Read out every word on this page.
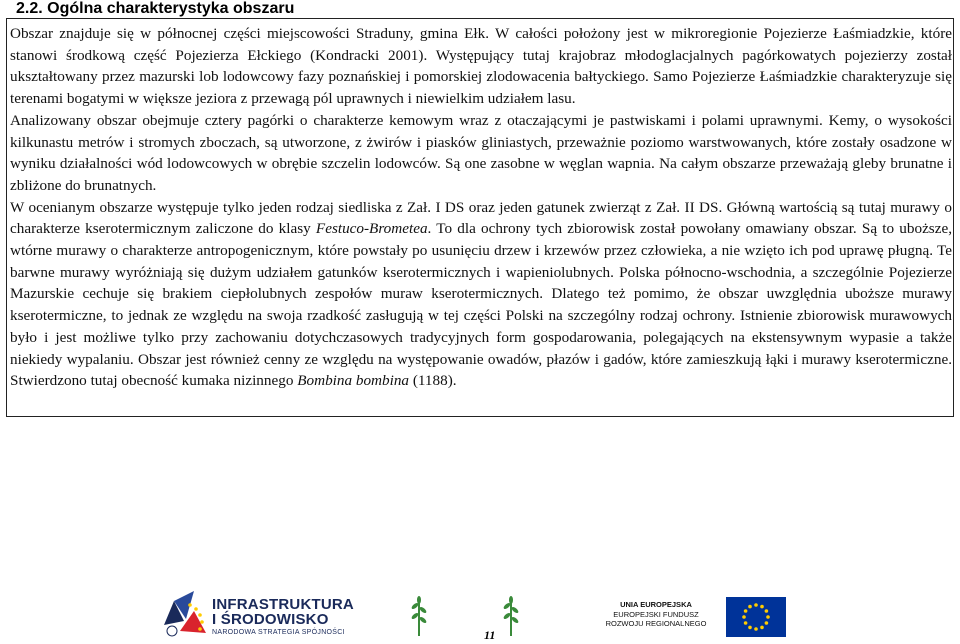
2.2. Ogólna charakterystyka obszaru

Obszar znajduje się w północnej części miejscowości Straduny, gmina Ełk. W całości położony jest w mikroregionie Pojezierze Łaśmiadzkie, które stanowi środkową część Pojezierza Ełckiego (Kondracki 2001). Występujący tutaj krajobraz młodoglacjalnych pagórkowatych pojezierzy został ukształtowany przez mazurski lob lodowcowy fazy poznańskiej i pomorskiej zlodowacenia bałtyckiego. Samo Pojezierze Łaśmiadzkie charakteryzuje się terenami bogatymi w większe jeziora z przewagą pól uprawnych i niewielkim udziałem lasu.

Analizowany obszar obejmuje cztery pagórki o charakterze kemowym wraz z otaczającymi je pastwiskami i polami uprawnymi. Kemy, o wysokości kilkunastu metrów i stromych zboczach, są utworzone, z żwirów i piasków gliniastych, przeważnie poziomo warstwowanych, które zostały osadzone w wyniku działalności wód lodowcowych w obrębie szczelin lodowców. Są one zasobne w węglan wapnia. Na całym obszarze przeważają gleby brunatne i zbliżone do brunatnych.

W ocenianym obszarze występuje tylko jeden rodzaj siedliska z Zał. I DS oraz jeden gatunek zwierząt z Zał. II DS. Główną wartością są tutaj murawy o charakterze kserotermicznym zaliczone do klasy Festuco-Brometea. To dla ochrony tych zbiorowisk został powołany omawiany obszar. Są to uboższe, wtórne murawy o charakterze antropogenicznym, które powstały po usunięciu drzew i krzewów przez człowieka, a nie wzięto ich pod uprawę pługną. Te barwne murawy wyróżniają się dużym udziałem gatunków kserotermicznych i wapieniolubnych. Polska północno-wschodnia, a szczególnie Pojezierze Mazurskie cechuje się brakiem ciepłolubnych zespołów muraw kserotermicznych. Dlatego też pomimo, że obszar uwzględnia uboższe murawy kserotermiczne, to jednak ze względu na swoja rzadkość zasługują w tej części Polski na szczególny rodzaj ochrony. Istnienie zbiorowisk murawowych było i jest możliwe tylko przy zachowaniu dotychczasowych tradycyjnych form gospodarowania, polegających na ekstensywnym wypasie a także niekiedy wypalaniu. Obszar jest również cenny ze względu na występowanie owadów, płazów i gadów, które zamieszkują łąki i murawy kserotermiczne. Stwierdzono tutaj obecność kumaka nizinnego Bombina bombina (1188).

INFRASTRUKTURA
I ŚRODOWISKO
NARODOWA STRATEGIA SPÓJNOŚCI	11
UNIA EUROPEJSKA
EUROPEJSKI FUNDUSZ
ROZWOJU REGIONALNEGO
